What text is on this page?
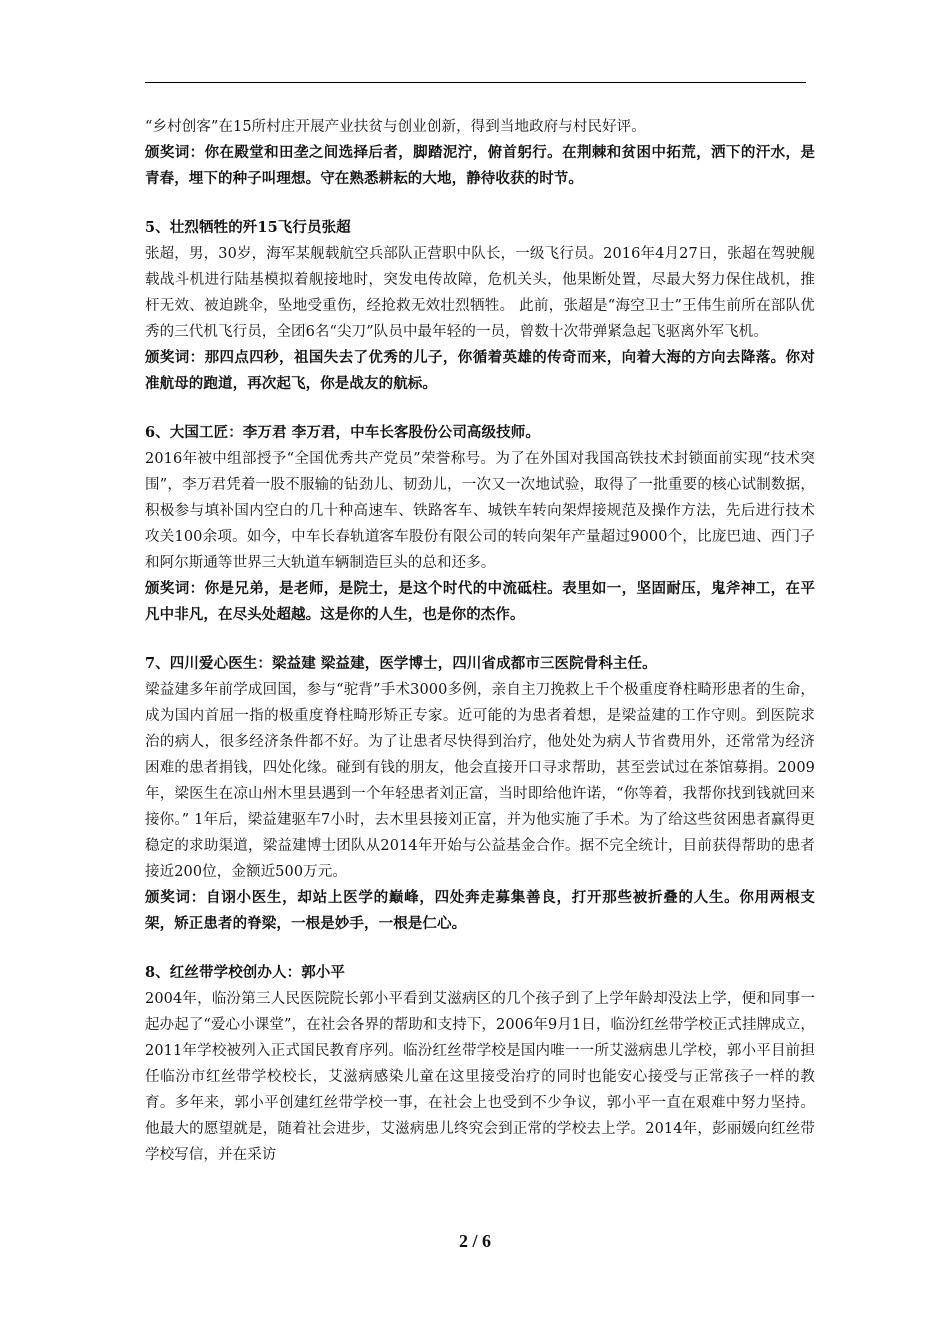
“乡村创客”在15所村庄开展产业扶贫与创业创新，得到当地政府与村民好评。

颁奖词：你在殿堂和田垄之间选择后者，脚踏泥泞，俯首躬行。在荆棘和贫困中拓荒，洒下的汗水，是青春，埋下的种子叫理想。守在熟悉耕耘的大地，静待收获的时节。

5、壮烈牺牲的歼15飞行员张超

张超，男，30岁，海军某舰载航空兵部队正营职中队长，一级飞行员。2016年4月27日，张超在驾驶舰载战斗机进行陆基模拟着舰接地时，突发电传故障，危机关头，他果断处置，尽最大努力保住战机，推杆无效、被迫跳伞，坠地受重伤，经抢救无效壮烈牺牲。 此前，张超是“海空卫士”王伟生前所在部队优秀的三代机飞行员，全团6名“尖刀”队员中最年轻的一员，曾数十次带弹紧急起飞驱离外军飞机。

颁奖词：那四点四秒，祖国失去了优秀的儿子，你循着英雄的传奇而来，向着大海的方向去降落。你对准航母的跑道，再次起飞，你是战友的航标。

6、大国工匠：李万君 李万君，中车长客股份公司高级技师。

2016年被中组部授予“全国优秀共产党员”荣誉称号。为了在外国对我国高铁技术封锁面前实现“技术突围”，李万君凭着一股不服输的钻劲儿、韧劲儿，一次又一次地试验，取得了一批重要的核心试制数据，积极参与填补国内空白的几十种高速车、铁路客车、城铁车转向架焊接规范及操作方法，先后进行技术攻关100余项。如今，中车长春轨道客车股份有限公司的转向架年产量超过9000个，比庞巴迪、西门子和阿尔斯通等世界三大轨道车辆制造巨头的总和还多。

颁奖词：你是兄弟，是老师，是院士，是这个时代的中流砥柱。表里如一，坚固耐压，鬼斧神工，在平凡中非凡，在尽头处超越。这是你的人生，也是你的杰作。

7、四川爱心医生：梁益建 梁益建，医学博士，四川省成都市三医院骨科主任。

梁益建多年前学成回国，参与“驼背”手术3000多例，亲自主刀挽救上千个极重度脊柱畸形患者的生命，成为国内首屈一指的极重度脊柱畸形矫正专家。近可能的为患者着想，是梁益建的工作守则。到医院求治的病人，很多经济条件都不好。为了让患者尽快得到治疗，他处处为病人节省费用外，还常常为经济困难的患者捐钱，四处化缘。碰到有钱的朋友，他会直接开口寻求帮助，甚至尝试过在茶馆募捐。2009年，梁医生在凉山州木里县遇到一个年轻患者刘正富，当时即给他许诺，“你等着，我帮你找到钱就回来接你。” 1年后，梁益建驱车7小时，去木里县接刘正富，并为他实施了手术。为了给这些贫困患者赢得更稳定的求助渠道，梁益建博士团队从2014年开始与公益基金合作。据不完全统计，目前获得帮助的患者接近200位，金额近500万元。

颁奖词：自诩小医生，却站上医学的巅峰，四处奔走募集善良，打开那些被折叠的人生。你用两根支架，矫正患者的脊梁，一根是妙手，一根是仁心。

8、红丝带学校创办人：郭小平

2004年，临汾第三人民医院院长郭小平看到艾滋病区的几个孩子到了上学年龄却没法上学，便和同事一起办起了“爱心小课堂”，在社会各界的帮助和支持下，2006年9月1日，临汾红丝带学校正式挂牌成立，2011年学校被列入正式国民教育序列。临汾红丝带学校是国内唯一一所艾滋病患儿学校，郭小平目前担任临汾市红丝带学校校长，艾滋病感染儿童在这里接受治疗的同时也能安心接受与正常孩子一样的教育。多年来，郭小平创建红丝带学校一事，在社会上也受到不少争议，郭小平一直在艰难中努力坚持。他最大的愿望就是，随着社会进步，艾滋病患儿终究会到正常的学校去上学。2014年，彭丽媛向红丝带学校写信，并在采访

2 / 6
